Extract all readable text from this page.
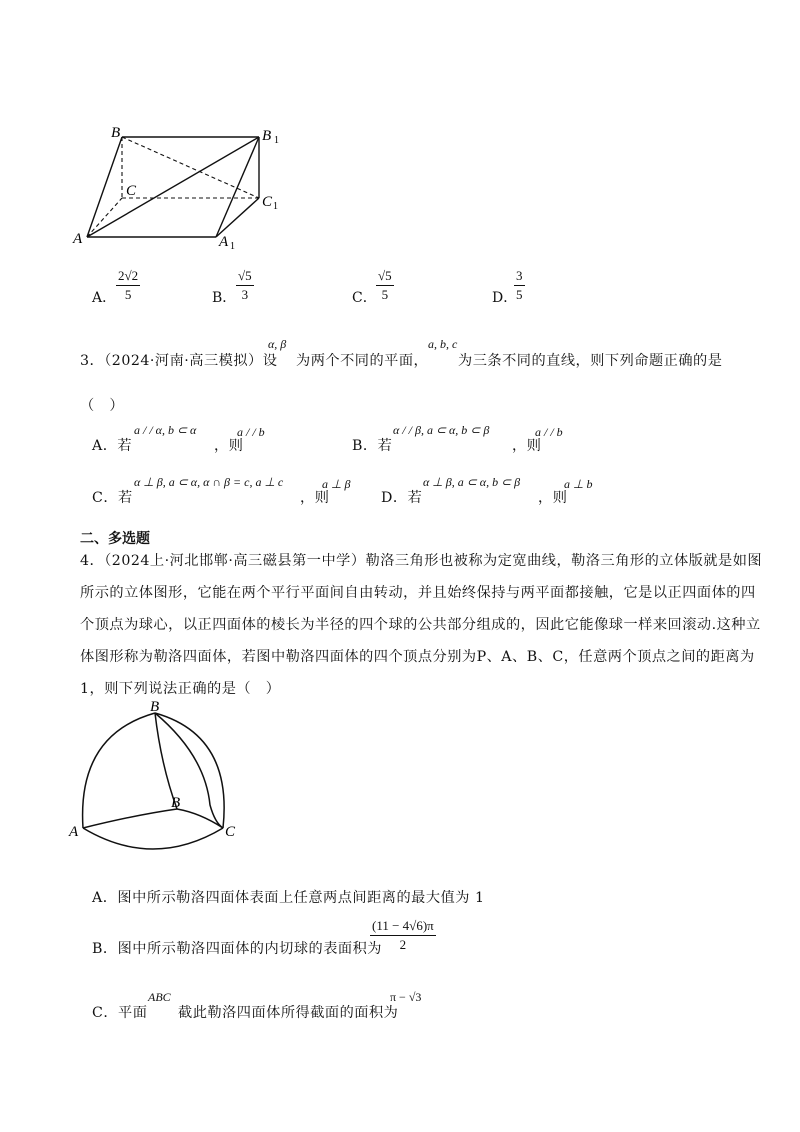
B	B 1
C
C 1
A	A 1
A． $\frac{2√2}{5}$	B． $\frac{√5}{3}$	C． $\frac{√5}{5}$	D．
$\frac{3}{5}$
3．（2024·河南·高三模拟）设
α, β
为两个不同的平面，
a, b, c
为三条不同的直线，则下列命题正确的是
（　）
A．若
a / / α, b ⊂ α
，则
a / / b
B．若
α / / β, a ⊂ α, b ⊂ β
，则
a / / b
C．若
α ⊥ β, a ⊂ α, α ∩ β = c, a ⊥ c
，则
a ⊥ β
D．若
α ⊥ β, a ⊂ α, b ⊂ β
，则
a ⊥ b
二、多选题
4．（2024上·河北邯郸·高三磁县第一中学）勒洛三角形也被称为定宽曲线，勒洛三角形的立体版就是如图
所示的立体图形，它能在两个平行平面间自由转动，并且始终保持与两平面都接触，它是以正四面体的四
个顶点为球心，以正四面体的棱长为半径的四个球的公共部分组成的，因此它能像球一样来回滚动.这种立
体图形称为勒洛四面体，若图中勒洛四面体的四个顶点分别为P、A、B、C，任意两个顶点之间的距离为
1，则下列说法正确的是（　）
B
B
A	C
A．图中所示勒洛四面体表面上任意两点间距离的最大值为 1
B．图中所示勒洛四面体的内切球的表面积为
$\frac{(11 - 4√6)\pi}{2}$
C．平面
ABC
截此勒洛四面体所得截面的面积为
π − √3
